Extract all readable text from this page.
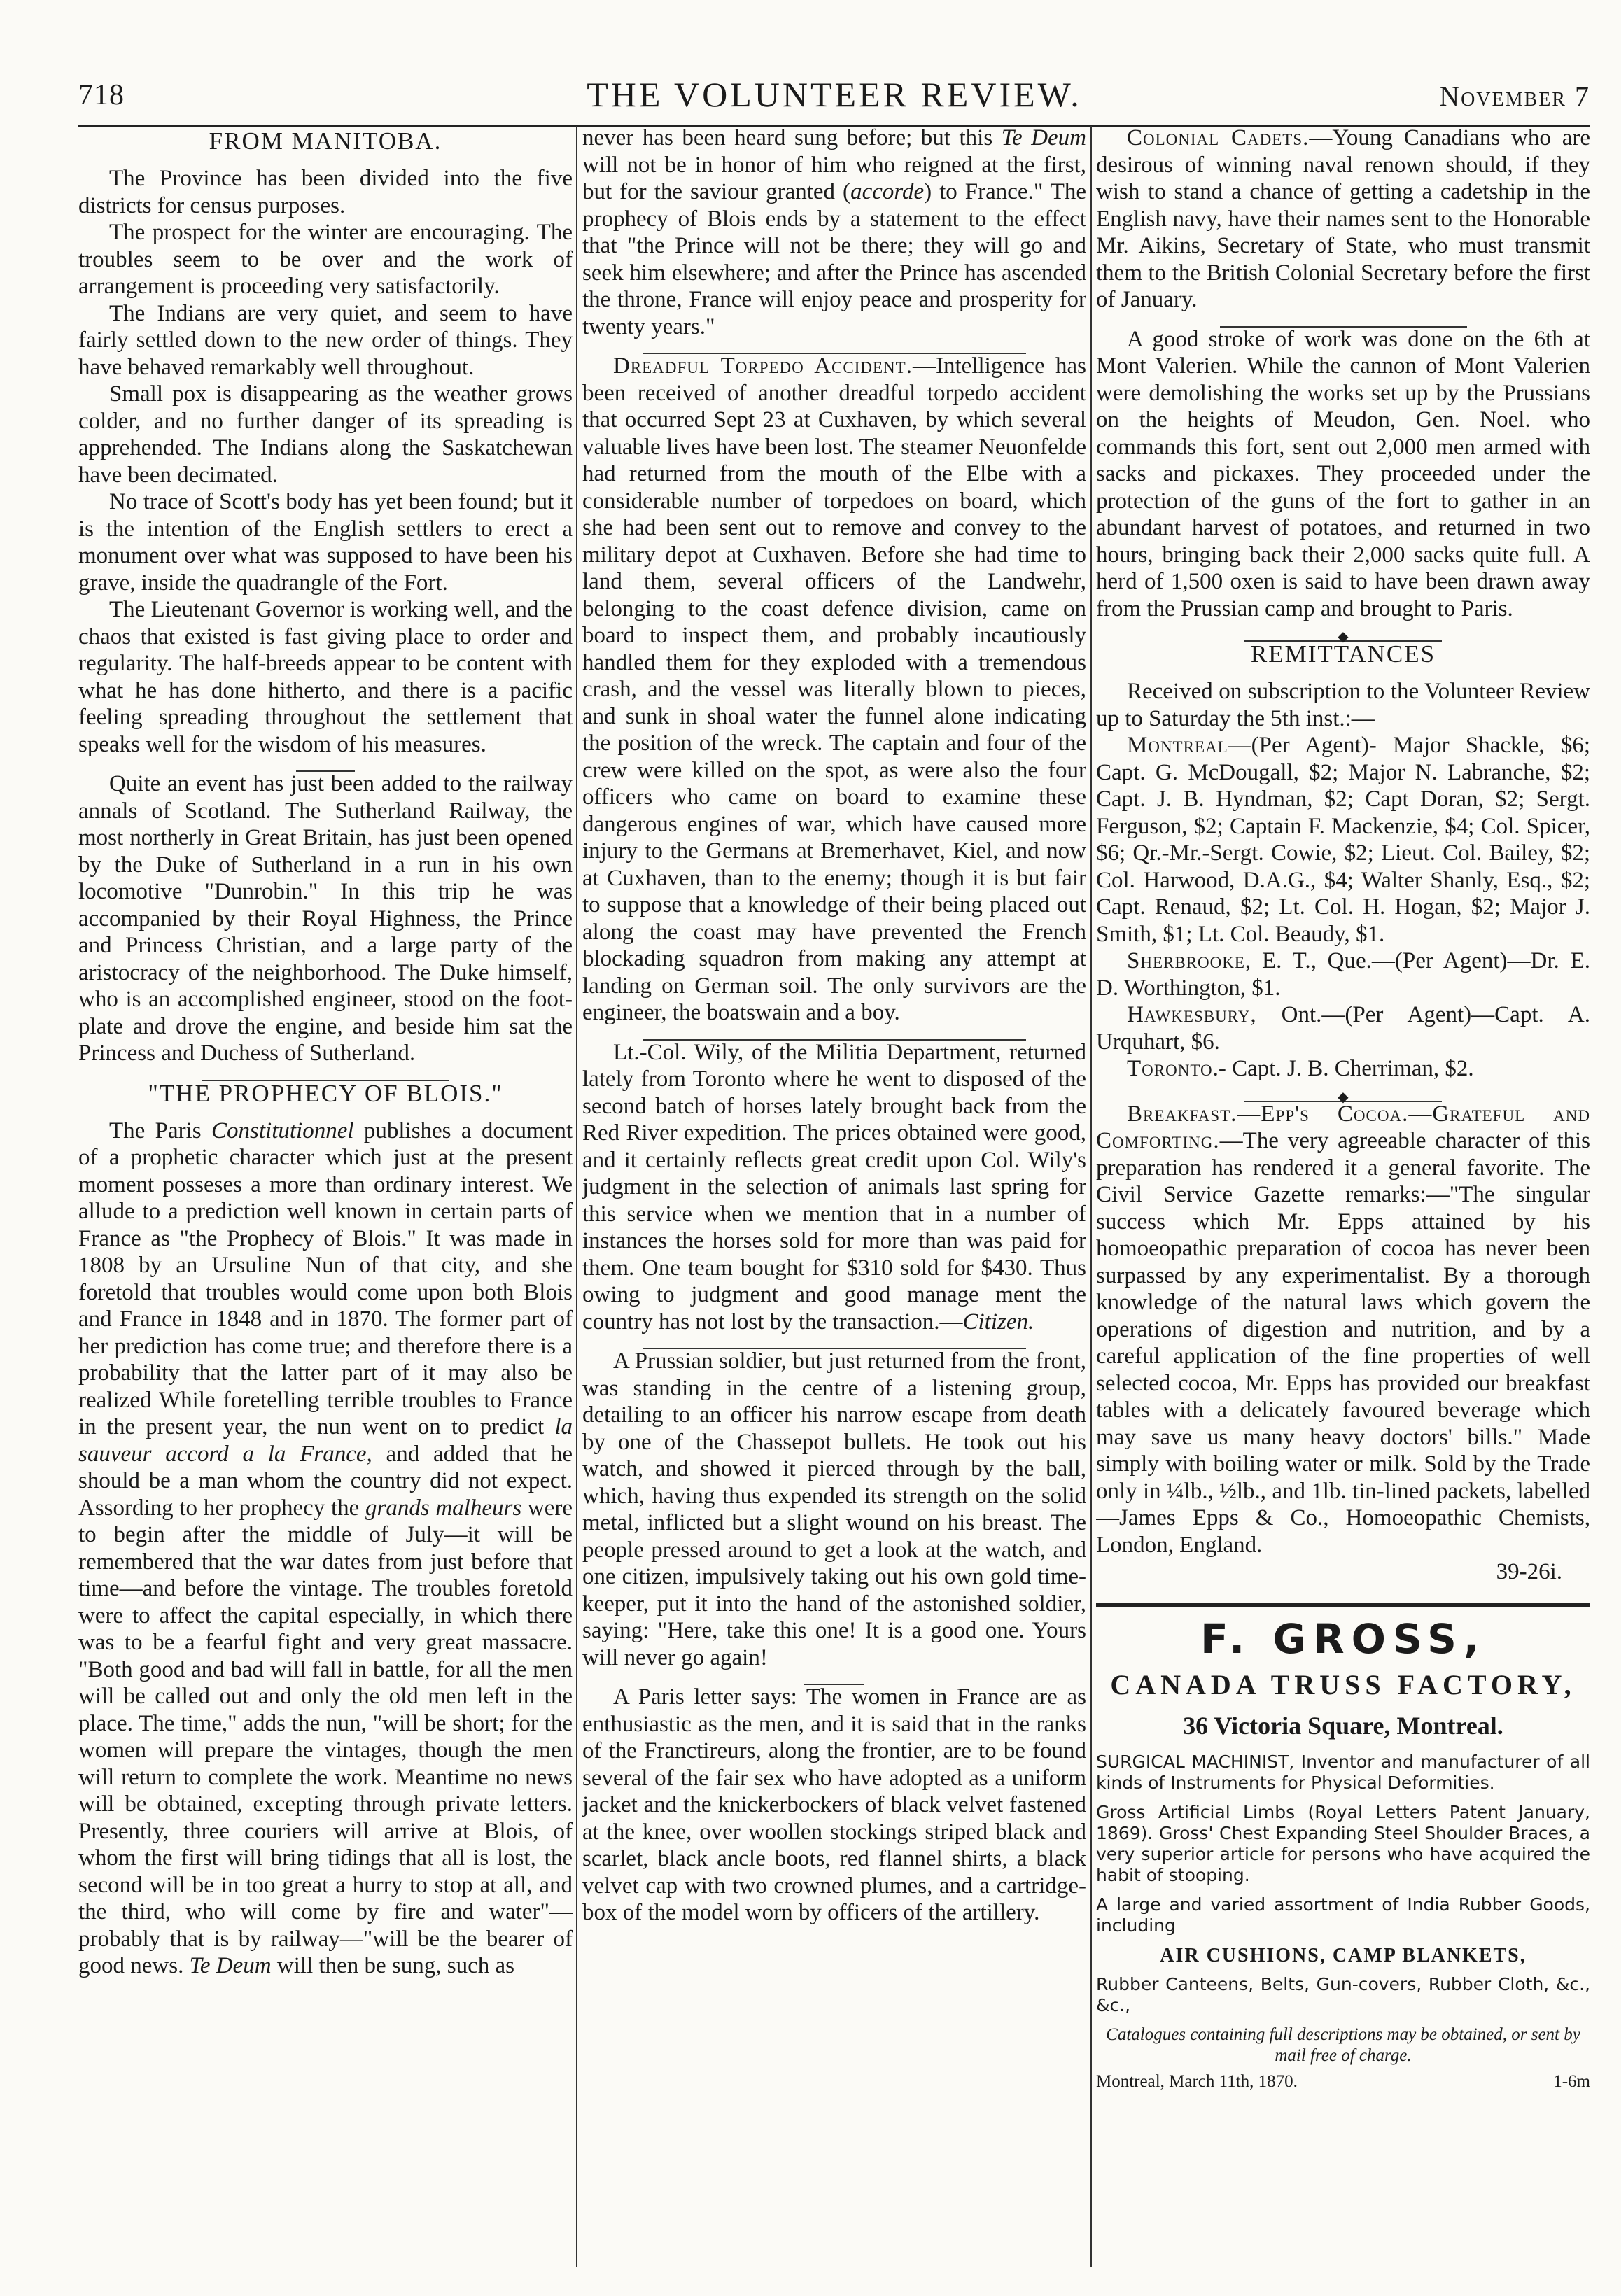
THE VOLUNTEER REVIEW.
718	November 7
FROM MANITOBA.

The Province has been divided into the five districts for census purposes.

The prospect for the winter are encouraging. The troubles seem to be over and the work of arrangement is proceeding very satisfactorily.

The Indians are very quiet, and seem to have fairly settled down to the new order of things. They have behaved remarkably well throughout.

Small pox is disappearing as the weather grows colder, and no further danger of its spreading is apprehended. The Indians along the Saskatchewan have been decimated.

No trace of Scott's body has yet been found; but it is the intention of the English settlers to erect a monument over what was supposed to have been his grave, inside the quadrangle of the Fort.

The Lieutenant Governor is working well, and the chaos that existed is fast giving place to order and regularity. The half-breeds appear to be content with what he has done hitherto, and there is a pacific feeling spreading throughout the settlement that speaks well for the wisdom of his measures.

Quite an event has just been added to the railway annals of Scotland. The Sutherland Railway, the most northerly in Great Britain, has just been opened by the Duke of Sutherland in a run in his own locomotive "Dunrobin." In this trip he was accompanied by their Royal Highness, the Prince and Princess Christian, and a large party of the aristocracy of the neighborhood. The Duke himself, who is an accomplished engineer, stood on the foot-plate and drove the engine, and beside him sat the Princess and Duchess of Sutherland.

"THE PROPHECY OF BLOIS."

The Paris Constitutionnel publishes a document of a prophetic character which just at the present moment posseses a more than ordinary interest. We allude to a prediction well known in certain parts of France as "the Prophecy of Blois." It was made in 1808 by an Ursuline Nun of that city, and she foretold that troubles would come upon both Blois and France in 1848 and in 1870. The former part of her prediction has come true; and therefore there is a probability that the latter part of it may also be realized While foretelling terrible troubles to France in the present year, the nun went on to predict la sauveur accord a la France, and added that he should be a man whom the country did not expect. Assording to her prophecy the grands malheurs were to begin after the middle of July—it will be remembered that the war dates from just before that time—and before the vintage. The troubles foretold were to affect the capital especially, in which there was to be a fearful fight and very great massacre. "Both good and bad will fall in battle, for all the men will be called out and only the old men left in the place. The time," adds the nun, "will be short; for the women will prepare the vintages, though the men will return to complete the work. Meantime no news will be obtained, excepting through private letters. Presently, three couriers will arrive at Blois, of whom the first will bring tidings that all is lost, the second will be in too great a hurry to stop at all, and the third, who will come by fire and water"—probably that is by railway—"will be the bearer of good news. Te Deum will then be sung, such as

never has been heard sung before; but this Te Deum will not be in honor of him who reigned at the first, but for the saviour granted (accorde) to France." The prophecy of Blois ends by a statement to the effect that "the Prince will not be there; they will go and seek him elsewhere; and after the Prince has ascended the throne, France will enjoy peace and prosperity for twenty years."

Dreadful Torpedo Accident.—Intelligence has been received of another dreadful torpedo accident that occurred Sept 23 at Cuxhaven, by which several valuable lives have been lost. The steamer Neuonfelde had returned from the mouth of the Elbe with a considerable number of torpedoes on board, which she had been sent out to remove and convey to the military depot at Cuxhaven. Before she had time to land them, several officers of the Landwehr, belonging to the coast defence division, came on board to inspect them, and probably incautiously handled them for they exploded with a tremendous crash, and the vessel was literally blown to pieces, and sunk in shoal water the funnel alone indicating the position of the wreck. The captain and four of the crew were killed on the spot, as were also the four officers who came on board to examine these dangerous engines of war, which have caused more injury to the Germans at Bremerhavet, Kiel, and now at Cuxhaven, than to the enemy; though it is but fair to suppose that a knowledge of their being placed out along the coast may have prevented the French blockading squadron from making any attempt at landing on German soil. The only survivors are the engineer, the boatswain and a boy.

Lt.-Col. Wily, of the Militia Department, returned lately from Toronto where he went to disposed of the second batch of horses lately brought back from the Red River expedition. The prices obtained were good, and it certainly reflects great credit upon Col. Wily's judgment in the selection of animals last spring for this service when we mention that in a number of instances the horses sold for more than was paid for them. One team bought for $310 sold for $430. Thus owing to judgment and good manage ment the country has not lost by the transaction.—Citizen.

A Prussian soldier, but just returned from the front, was standing in the centre of a listening group, detailing to an officer his narrow escape from death by one of the Chassepot bullets. He took out his watch, and showed it pierced through by the ball, which, having thus expended its strength on the solid metal, inflicted but a slight wound on his breast. The people pressed around to get a look at the watch, and one citizen, impulsively taking out his own gold time-keeper, put it into the hand of the astonished soldier, saying: "Here, take this one! It is a good one. Yours will never go again!

A Paris letter says: The women in France are as enthusiastic as the men, and it is said that in the ranks of the Franctireurs, along the frontier, are to be found several of the fair sex who have adopted as a uniform jacket and the knickerbockers of black velvet fastened at the knee, over woollen stockings striped black and scarlet, black ancle boots, red flannel shirts, a black velvet cap with two crowned plumes, and a cartridge-box of the model worn by officers of the artillery.

Colonial Cadets.—Young Canadians who are desirous of winning naval renown should, if they wish to stand a chance of getting a cadetship in the English navy, have their names sent to the Honorable Mr. Aikins, Secretary of State, who must transmit them to the British Colonial Secretary before the first of January.

A good stroke of work was done on the 6th at Mont Valerien. While the cannon of Mont Valerien were demolishing the works set up by the Prussians on the heights of Meudon, Gen. Noel. who commands this fort, sent out 2,000 men armed with sacks and pickaxes. They proceeded under the protection of the guns of the fort to gather in an abundant harvest of potatoes, and returned in two hours, bringing back their 2,000 sacks quite full. A herd of 1,500 oxen is said to have been drawn away from the Prussian camp and brought to Paris.

REMITTANCES

Received on subscription to the Volunteer Review up to Saturday the 5th inst.:—

Montreal—(Per Agent)- Major Shackle, $6; Capt. G. McDougall, $2; Major N. Labranche, $2; Capt. J. B. Hyndman, $2; Capt Doran, $2; Sergt. Ferguson, $2; Captain F. Mackenzie, $4; Col. Spicer, $6; Qr.-Mr.-Sergt. Cowie, $2; Lieut. Col. Bailey, $2; Col. Harwood, D.A.G., $4; Walter Shanly, Esq., $2; Capt. Renaud, $2; Lt. Col. H. Hogan, $2; Major J. Smith, $1; Lt. Col. Beaudy, $1.

Sherbrooke, E. T., Que.—(Per Agent)—Dr. E. D. Worthington, $1.

Hawkesbury, Ont.—(Per Agent)—Capt. A. Urquhart, $6.

Toronto.- Capt. J. B. Cherriman, $2.

Breakfast.—Epp's Cocoa.—Grateful and Comforting.—The very agreeable character of this preparation has rendered it a general favorite. The Civil Service Gazette remarks:—"The singular success which Mr. Epps attained by his homoeopathic preparation of cocoa has never been surpassed by any experimentalist. By a thorough knowledge of the natural laws which govern the operations of digestion and nutrition, and by a careful application of the fine properties of well selected cocoa, Mr. Epps has provided our breakfast tables with a delicately favoured beverage which may save us many heavy doctors' bills." Made simply with boiling water or milk. Sold by the Trade only in ¼lb., ½lb., and 1lb. tin-lined packets, labelled—James Epps & Co., Homoeopathic Chemists, London, England.

39-26i.

F. GROSS,
CANADA TRUSS FACTORY,
36 Victoria Square, Montreal.

SURGICAL MACHINIST, Inventor and manufacturer of all kinds of Instruments for Physical Deformities.

Gross Artificial Limbs (Royal Letters Patent January, 1869). Gross' Chest Expanding Steel Shoulder Braces, a very superior article for persons who have acquired the habit of stooping.

A large and varied assortment of India Rubber Goods, including

AIR CUSHIONS, CAMP BLANKETS,

Rubber Canteens, Belts, Gun-covers, Rubber Cloth, &c., &c.,

Catalogues containing full descriptions may be obtained, or sent by mail free of charge.

Montreal, March 11th, 1870.	1-6m
